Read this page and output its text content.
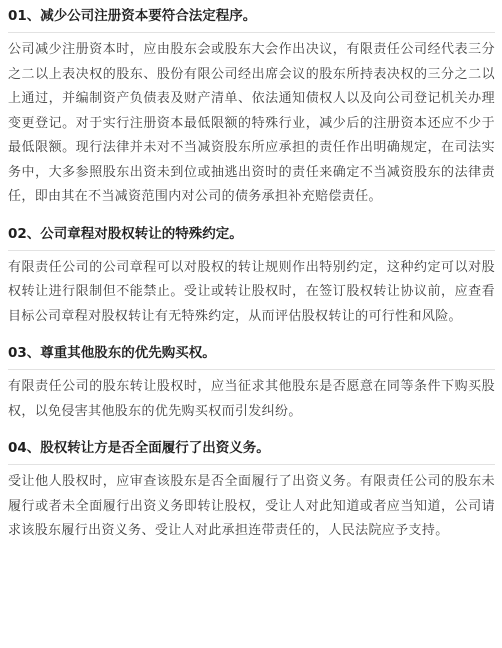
01、减少公司注册资本要符合法定程序。

公司减少注册资本时，应由股东会或股东大会作出决议，有限责任公司经代表三分之二以上表决权的股东、股份有限公司经出席会议的股东所持表决权的三分之二以上通过，并编制资产负债表及财产清单、依法通知债权人以及向公司登记机关办理变更登记。对于实行注册资本最低限额的特殊行业，减少后的注册资本还应不少于最低限额。现行法律并未对不当减资股东所应承担的责任作出明确规定，在司法实务中，大多参照股东出资未到位或抽逃出资时的责任来确定不当减资股东的法律责任，即由其在不当减资范围内对公司的债务承担补充赔偿责任。

02、公司章程对股权转让的特殊约定。

有限责任公司的公司章程可以对股权的转让规则作出特别约定，这种约定可以对股权转让进行限制但不能禁止。受让或转让股权时，在签订股权转让协议前，应查看目标公司章程对股权转让有无特殊约定，从而评估股权转让的可行性和风险。

03、尊重其他股东的优先购买权。

有限责任公司的股东转让股权时，应当征求其他股东是否愿意在同等条件下购买股权，以免侵害其他股东的优先购买权而引发纠纷。

04、股权转让方是否全面履行了出资义务。

受让他人股权时，应审查该股东是否全面履行了出资义务。有限责任公司的股东未履行或者未全面履行出资义务即转让股权，受让人对此知道或者应当知道，公司请求该股东履行出资义务、受让人对此承担连带责任的，人民法院应予支持。
